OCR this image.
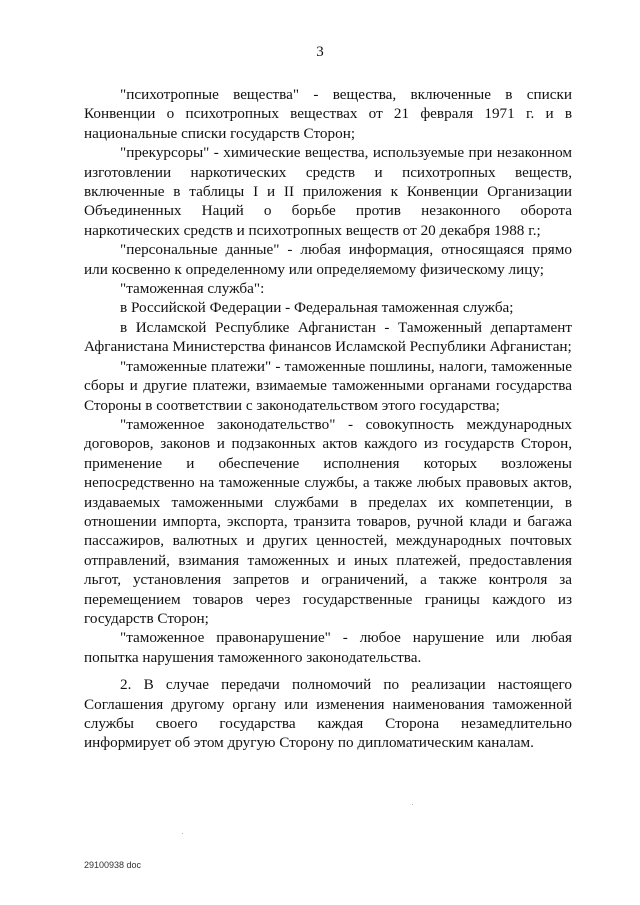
3

"психотропные вещества" - вещества, включенные в списки Конвенции о психотропных веществах от 21 февраля 1971 г. и в национальные списки государств Сторон;

"прекурсоры" - химические вещества, используемые при незаконном изготовлении наркотических средств и психотропных веществ, включенные в таблицы I и II приложения к Конвенции Организации Объединенных Наций о борьбе против незаконного оборота наркотических средств и психотропных веществ от 20 декабря 1988 г.;

"персональные данные" - любая информация, относящаяся прямо или косвенно к определенному или определяемому физическому лицу;

"таможенная служба":

в Российской Федерации - Федеральная таможенная служба;

в Исламской Республике Афганистан - Таможенный департамент Афганистана Министерства финансов Исламской Республики Афганистан;

"таможенные платежи" - таможенные пошлины, налоги, таможенные сборы и другие платежи, взимаемые таможенными органами государства Стороны в соответствии с законодательством этого государства;

"таможенное законодательство" - совокупность международных договоров, законов и подзаконных актов каждого из государств Сторон, применение и обеспечение исполнения которых возложены непосредственно на таможенные службы, а также любых правовых актов, издаваемых таможенными службами в пределах их компетенции, в отношении импорта, экспорта, транзита товаров, ручной клади и багажа пассажиров, валютных и других ценностей, международных почтовых отправлений, взимания таможенных и иных платежей, предоставления льгот, установления запретов и ограничений, а также контроля за перемещением товаров через государственные границы каждого из государств Сторон;

"таможенное правонарушение" - любое нарушение или любая попытка нарушения таможенного законодательства.

2. В случае передачи полномочий по реализации настоящего Соглашения другому органу или изменения наименования таможенной службы своего государства каждая Сторона незамедлительно информирует об этом другую Сторону по дипломатическим каналам.

29100938 doc
